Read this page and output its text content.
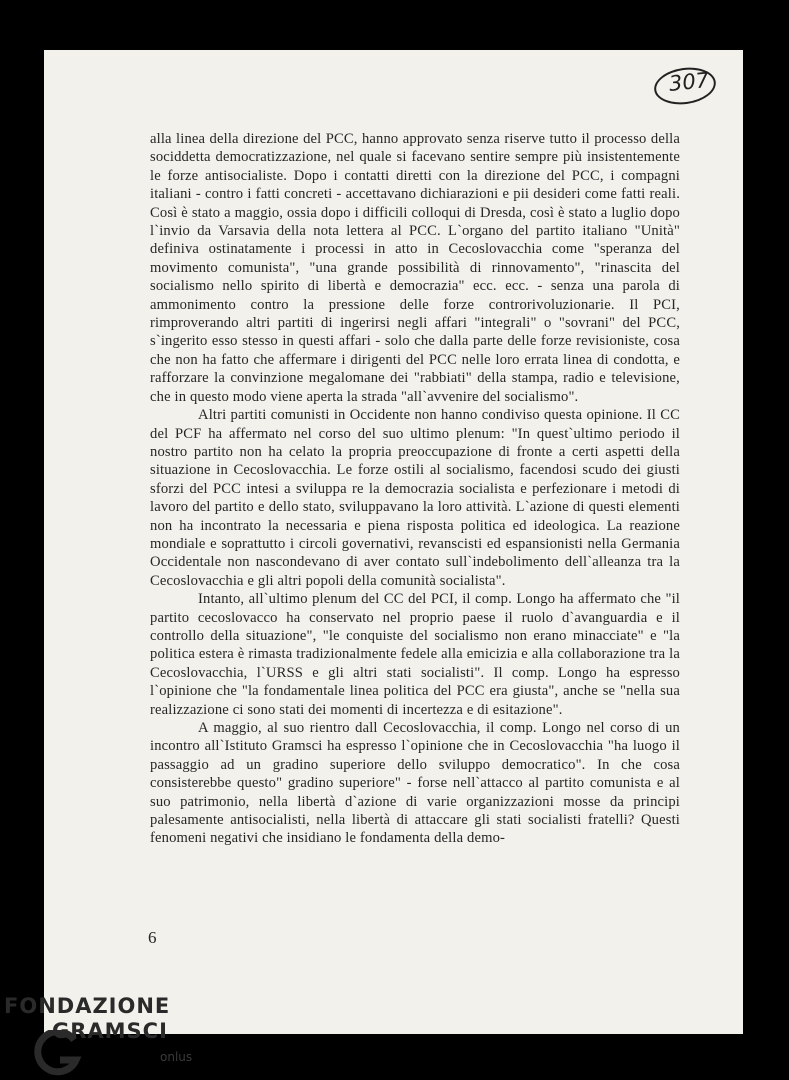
307

alla linea della direzione del PCC, hanno approvato senza riserve tutto il processo della sociddetta democratizzazione, nel quale si facevano sentire sempre più insistentemente le forze antisocialiste. Dopo i contatti diretti con la direzione del PCC, i compagni italiani - contro i fatti concreti - accettavano dichiarazioni e pii desideri come fatti reali. Così è stato a maggio, ossia dopo i difficili colloqui di Dresda, così è stato a luglio dopo l`invio da Varsavia della nota lettera al PCC. L`organo del partito italiano "Unità" definiva ostinatamente i processi in atto in Cecoslovacchia come "speranza del movimento comunista", "una grande possibilità di rinnovamento", "rinascita del socialismo nello spirito di libertà e democrazia" ecc. ecc. - senza una parola di ammonimento contro la pressione delle forze controrivoluzionarie. Il PCI, rimproverando altri partiti di ingerirsi negli affari "integrali" o "sovrani" del PCC, s`ingerito esso stesso in questi affari - solo che dalla parte delle forze revisioniste, cosa che non ha fatto che affermare i dirigenti del PCC nelle loro errata linea di condotta, e rafforzare la convinzione megalomane dei "rabbiati" della stampa, radio e televisione, che in questo modo viene aperta la strada "all`avvenire del socialismo".

Altri partiti comunisti in Occidente non hanno condiviso questa opinione. Il CC del PCF ha affermato nel corso del suo ultimo plenum: "In quest`ultimo periodo il nostro partito non ha celato la propria preoccupazione di fronte a certi aspetti della situazione in Cecoslovacchia. Le forze ostili al socialismo, facendosi scudo dei giusti sforzi del PCC intesi a sviluppa re la democrazia socialista e perfezionare i metodi di lavoro del partito e dello stato, sviluppavano la loro attività. L`azione di questi elementi non ha incontrato la necessaria e piena risposta politica ed ideologica. La reazione mondiale e soprattutto i circoli governativi, revanscisti ed espansionisti nella Germania Occidentale non nascondevano di aver contato sull`indebolimento dell`alleanza tra la Cecoslovacchia e gli altri popoli della comunità socialista".

Intanto, all`ultimo plenum del CC del PCI, il comp. Longo ha affermato che "il partito cecoslovacco ha conservato nel proprio paese il ruolo d`avanguardia e il controllo della situazione", "le conquiste del socialismo non erano minacciate" e "la politica estera è rimasta tradizionalmente fedele alla emicizia e alla collaborazione tra la Cecoslovacchia, l`URSS e gli altri stati socialisti". Il comp. Longo ha espresso l`opinione che "la fondamentale linea politica del PCC era giusta", anche se "nella sua realizzazione ci sono stati dei momenti di incertezza e di esitazione".

A maggio, al suo rientro dall Cecoslovacchia, il comp. Longo nel corso di un incontro all`Istituto Gramsci ha espresso l`opinione che in Cecoslovacchia "ha luogo il passaggio ad un gradino superiore dello sviluppo democratico". In che cosa consisterebbe questo" gradino superiore" - forse nell`attacco al partito comunista e al suo patrimonio, nella libertà d`azione di varie organizzazioni mosse da principi palesamente antisocialisti, nella libertà di attaccare gli stati socialisti fratelli? Questi fenomeni negativi che insidiano le fondamenta della demo-

6
FONDAZIONE
GRAMSCI
onlus
